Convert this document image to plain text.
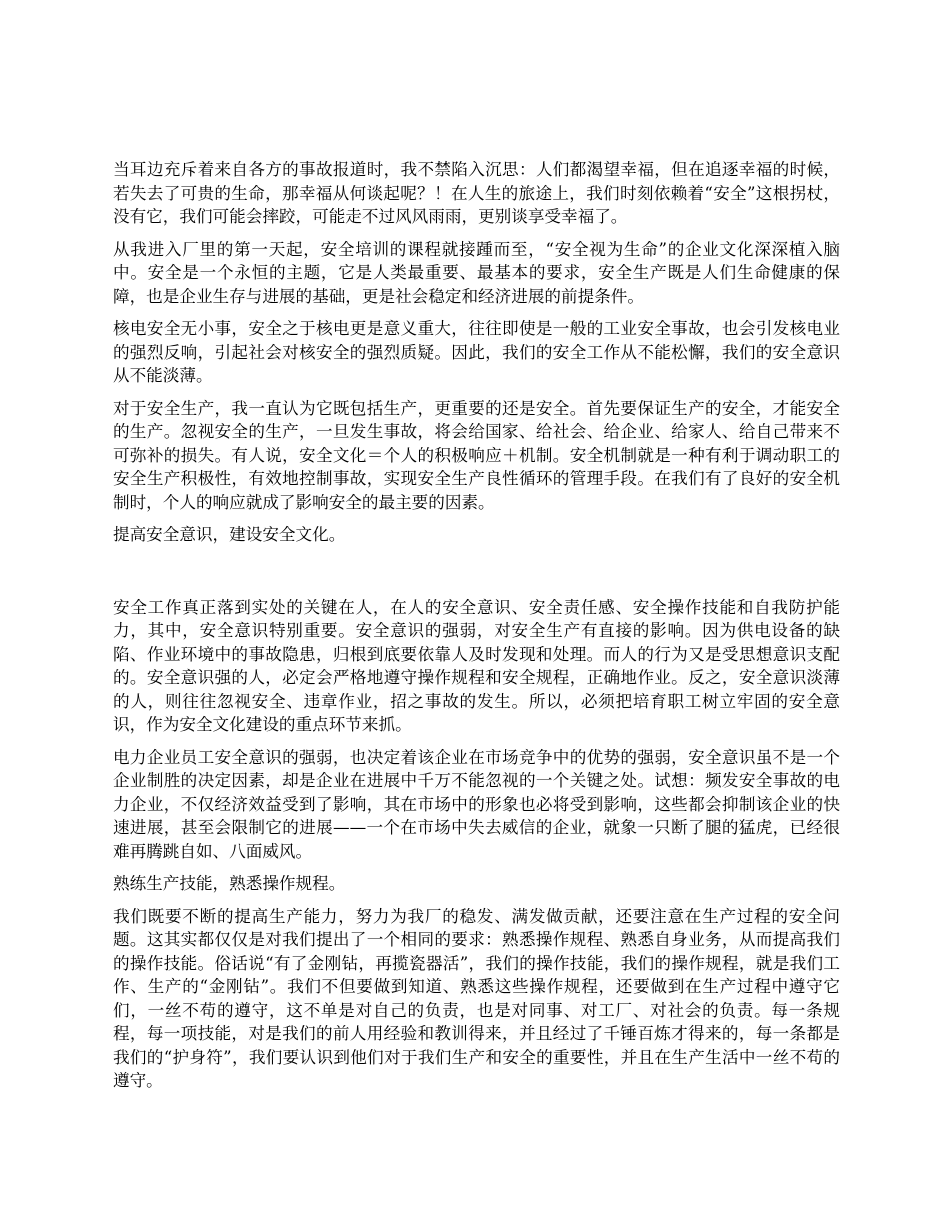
当耳边充斥着来自各方的事故报道时，我不禁陷入沉思：人们都渴望幸福，但在追逐幸福的时候，若失去了可贵的生命，那幸福从何谈起呢？！在人生的旅途上，我们时刻依赖着“安全”这根拐杖，没有它，我们可能会摔跤，可能走不过风风雨雨，更别谈享受幸福了。

从我进入厂里的第一天起，安全培训的课程就接踵而至，“安全视为生命”的企业文化深深植入脑中。安全是一个永恒的主题，它是人类最重要、最基本的要求，安全生产既是人们生命健康的保障，也是企业生存与进展的基础，更是社会稳定和经济进展的前提条件。

核电安全无小事，安全之于核电更是意义重大，往往即使是一般的工业安全事故，也会引发核电业的强烈反响，引起社会对核安全的强烈质疑。因此，我们的安全工作从不能松懈，我们的安全意识从不能淡薄。

对于安全生产，我一直认为它既包括生产，更重要的还是安全。首先要保证生产的安全，才能安全的生产。忽视安全的生产，一旦发生事故，将会给国家、给社会、给企业、给家人、给自己带来不可弥补的损失。有人说，安全文化＝个人的积极响应＋机制。安全机制就是一种有利于调动职工的安全生产积极性，有效地控制事故，实现安全生产良性循环的管理手段。在我们有了良好的安全机制时，个人的响应就成了影响安全的最主要的因素。

提高安全意识，建设安全文化。

安全工作真正落到实处的关键在人，在人的安全意识、安全责任感、安全操作技能和自我防护能力，其中，安全意识特别重要。安全意识的强弱，对安全生产有直接的影响。因为供电设备的缺陷、作业环境中的事故隐患，归根到底要依靠人及时发现和处理。而人的行为又是受思想意识支配的。安全意识强的人，必定会严格地遵守操作规程和安全规程，正确地作业。反之，安全意识淡薄的人，则往往忽视安全、违章作业，招之事故的发生。所以，必须把培育职工树立牢固的安全意识，作为安全文化建设的重点环节来抓。

电力企业员工安全意识的强弱，也决定着该企业在市场竞争中的优势的强弱，安全意识虽不是一个企业制胜的决定因素，却是企业在进展中千万不能忽视的一个关键之处。试想：频发安全事故的电力企业，不仅经济效益受到了影响，其在市场中的形象也必将受到影响，这些都会抑制该企业的快速进展，甚至会限制它的进展——一个在市场中失去威信的企业，就象一只断了腿的猛虎，已经很难再腾跳自如、八面威风。

熟练生产技能，熟悉操作规程。

我们既要不断的提高生产能力，努力为我厂的稳发、满发做贡献，还要注意在生产过程的安全问题。这其实都仅仅是对我们提出了一个相同的要求：熟悉操作规程、熟悉自身业务，从而提高我们的操作技能。俗话说“有了金刚钻，再揽瓷器活”，我们的操作技能，我们的操作规程，就是我们工作、生产的“金刚钻”。我们不但要做到知道、熟悉这些操作规程，还要做到在生产过程中遵守它们，一丝不苟的遵守，这不单是对自己的负责，也是对同事、对工厂、对社会的负责。每一条规程，每一项技能，对是我们的前人用经验和教训得来，并且经过了千锤百炼才得来的，每一条都是我们的“护身符”，我们要认识到他们对于我们生产和安全的重要性，并且在生产生活中一丝不苟的遵守。
